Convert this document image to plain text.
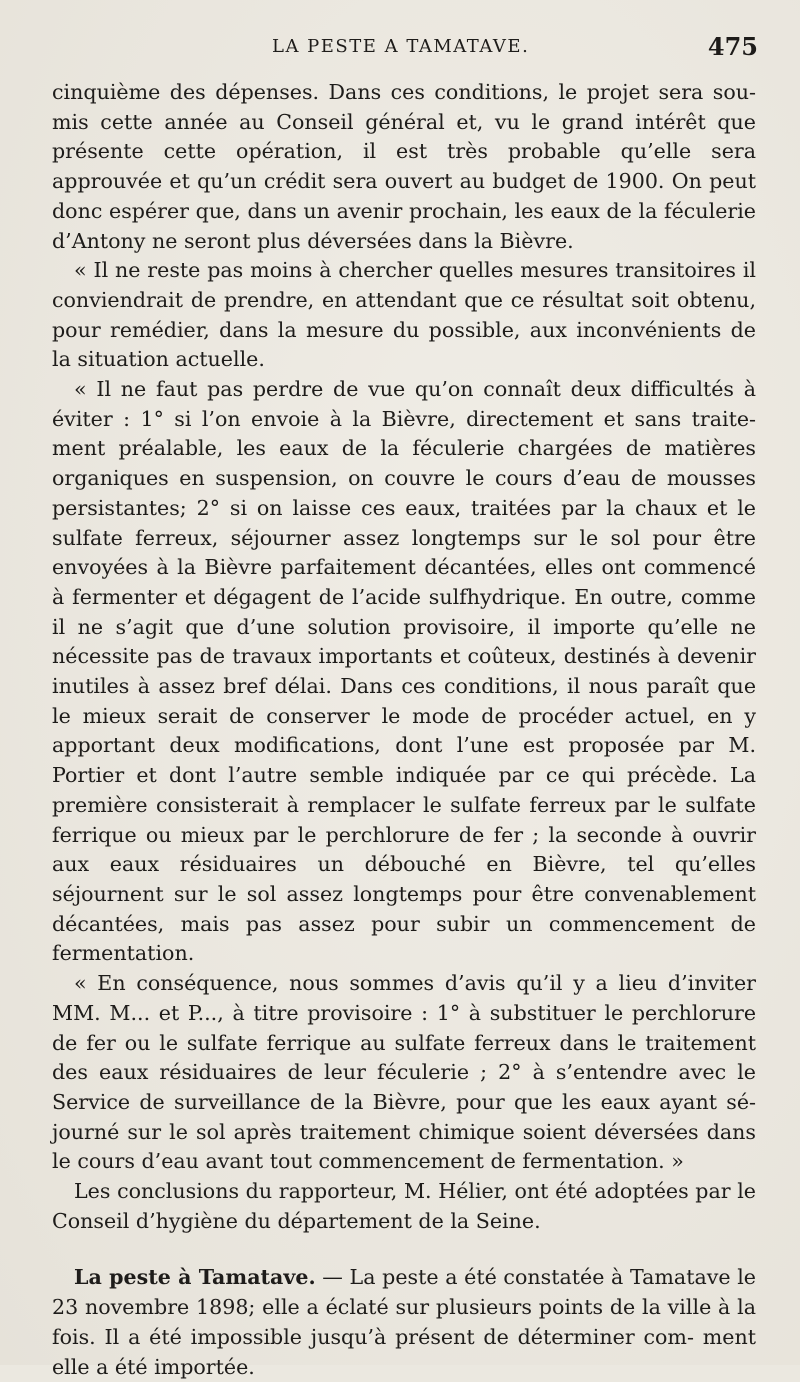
LA PESTE A TAMATAVE.	475

cinquième des dépenses. Dans ces conditions, le projet sera sou- mis cette année au Conseil général et, vu le grand intérêt que présente cette opération, il est très probable qu’elle sera approuvée et qu’un crédit sera ouvert au budget de 1900. On peut donc espérer que, dans un avenir prochain, les eaux de la féculerie d’Antony ne seront plus déversées dans la Bièvre.

« Il ne reste pas moins à chercher quelles mesures transitoires il conviendrait de prendre, en attendant que ce résultat soit obtenu, pour remédier, dans la mesure du possible, aux inconvénients de la situation actuelle.

« Il ne faut pas perdre de vue qu’on connaît deux difficultés à éviter : 1° si l’on envoie à la Bièvre, directement et sans traite- ment préalable, les eaux de la féculerie chargées de matières organiques en suspension, on couvre le cours d’eau de mousses persistantes; 2° si on laisse ces eaux, traitées par la chaux et le sulfate ferreux, séjourner assez longtemps sur le sol pour être envoyées à la Bièvre parfaitement décantées, elles ont commencé à fermenter et dégagent de l’acide sulfhydrique. En outre, comme il ne s’agit que d’une solution provisoire, il importe qu’elle ne nécessite pas de travaux importants et coûteux, destinés à devenir inutiles à assez bref délai. Dans ces conditions, il nous paraît que le mieux serait de conserver le mode de procéder actuel, en y apportant deux modifications, dont l’une est proposée par M. Portier et dont l’autre semble indiquée par ce qui précède. La première consisterait à remplacer le sulfate ferreux par le sulfate ferrique ou mieux par le perchlorure de fer ; la seconde à ouvrir aux eaux résiduaires un débouché en Bièvre, tel qu’elles séjournent sur le sol assez longtemps pour être convenablement décantées, mais pas assez pour subir un commencement de fermentation.

« En conséquence, nous sommes d’avis qu’il y a lieu d’inviter MM. M... et P..., à titre provisoire : 1° à substituer le perchlorure de fer ou le sulfate ferrique au sulfate ferreux dans le traitement des eaux résiduaires de leur féculerie ; 2° à s’entendre avec le Service de surveillance de la Bièvre, pour que les eaux ayant sé- journé sur le sol après traitement chimique soient déversées dans le cours d’eau avant tout commencement de fermentation. »

Les conclusions du rapporteur, M. Hélier, ont été adoptées par le Conseil d’hygiène du département de la Seine.

La peste à Tamatave. — La peste a été constatée à Tamatave le 23 novembre 1898; elle a éclaté sur plusieurs points de la ville à la fois. Il a été impossible jusqu’à présent de déterminer com- ment elle a été importée.
